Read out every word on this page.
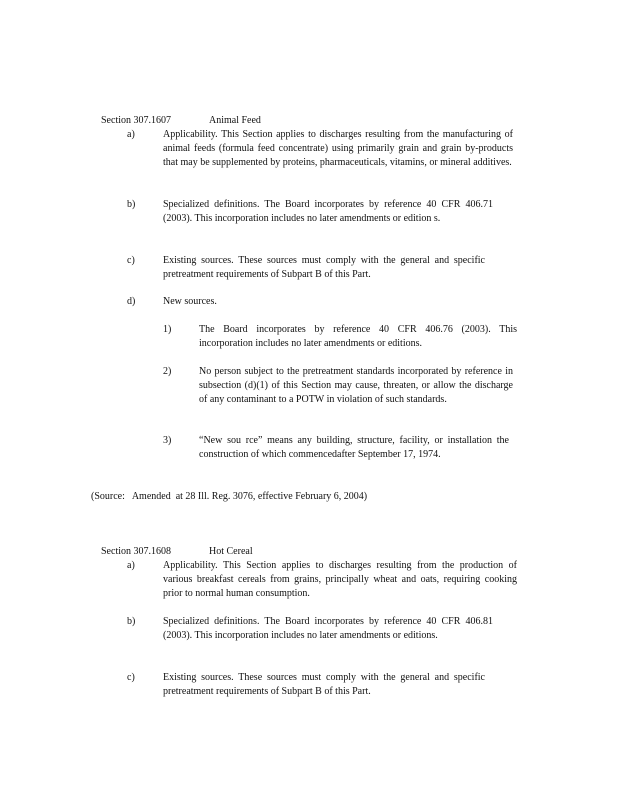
Section 307.1607	Animal Feed

a)	Applicability. This Section applies to discharges resulting from the manufacturing of animal feeds (formula feed concentrate) using primarily grain and grain by-products that may be supplemented by proteins, pharmaceuticals, vitamins, or mineral additives.
b)	Specialized definitions. The Board incorporates by reference 40 CFR 406.71 (2003). This incorporation includes no later amendments or edition s.
c)	Existing sources. These sources must comply with the general and specific pretreatment requirements of Subpart B of this Part.
d)	New sources.
1)	The Board incorporates by reference 40 CFR 406.76 (2003). This incorporation includes no later amendments or editions.
2)	No person subject to the pretreatment standards incorporated by reference in subsection (d)(1) of this Section may cause, threaten, or allow the discharge of any contaminant to a POTW in violation of such standards.
3)	“New sou rce” means any building, structure, facility, or installation the construction of which commencedafter September 17, 1974.
(Source:   Amended  at 28 Ill. Reg. 3076, effective February 6, 2004)

Section 307.1608	Hot Cereal

a)	Applicability. This Section applies to discharges resulting from the production of various breakfast cereals from grains, principally wheat and oats, requiring cooking prior to normal human consumption.
b)	Specialized definitions. The Board incorporates by reference 40 CFR 406.81 (2003). This incorporation includes no later amendments or editions.
c)	Existing sources. These sources must comply with the general and specific pretreatment requirements of Subpart B of this Part.
